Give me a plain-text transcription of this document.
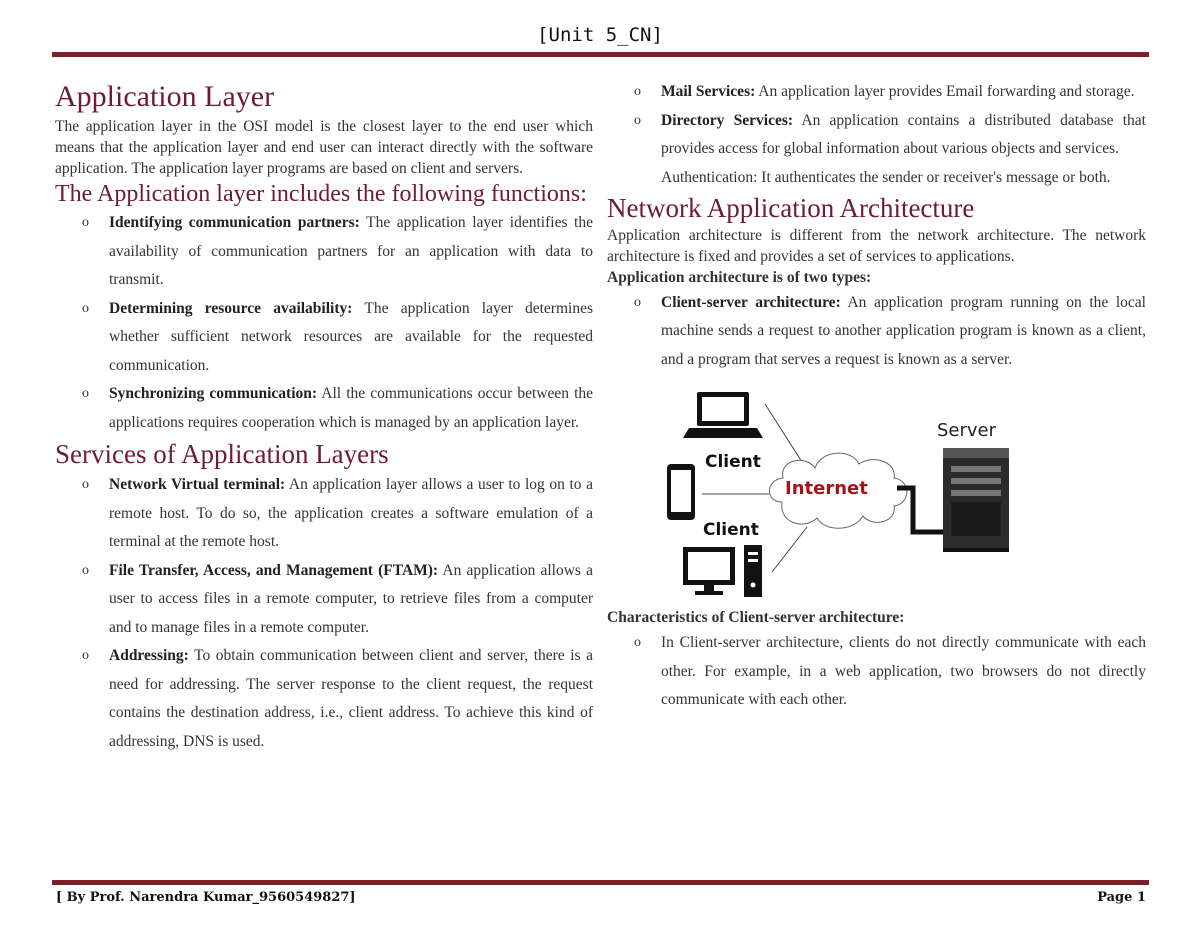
[Unit 5_CN]
Application Layer

The application layer in the OSI model is the closest layer to the end user which means that the application layer and end user can interact directly with the software application. The application layer programs are based on client and servers.

The Application layer includes the following functions:
o Identifying communication partners: The application layer identifies the availability of communication partners for an application with data to transmit.
o Determining resource availability: The application layer determines whether sufficient network resources are available for the requested communication.
o Synchronizing communication: All the communications occur between the applications requires cooperation which is managed by an application layer.
Services of Application Layers
o Network Virtual terminal: An application layer allows a user to log on to a remote host. To do so, the application creates a software emulation of a terminal at the remote host.
o File Transfer, Access, and Management (FTAM): An application allows a user to access files in a remote computer, to retrieve files from a computer and to manage files in a remote computer.
o Addressing: To obtain communication between client and server, there is a need for addressing. The server response to the client request, the request contains the destination address, i.e., client address. To achieve this kind of addressing, DNS is used.
o Mail Services: An application layer provides Email forwarding and storage.
o Directory Services: An application contains a distributed database that provides access for global information about various objects and services.

Authentication: It authenticates the sender or receiver's message or both.

Network Application Architecture

Application architecture is different from the network architecture. The network architecture is fixed and provides a set of services to applications.

Application architecture is of two types:

o Client-server architecture: An application program running on the local machine sends a request to another application program is known as a client, and a program that serves a request is known as a server.
Client
Client
Internet
Server

Characteristics of Client-server architecture:

o In Client-server architecture, clients do not directly communicate with each other. For example, in a web application, two browsers do not directly communicate with each other.
[ By Prof. Narendra Kumar_9560549827]	Page 1
